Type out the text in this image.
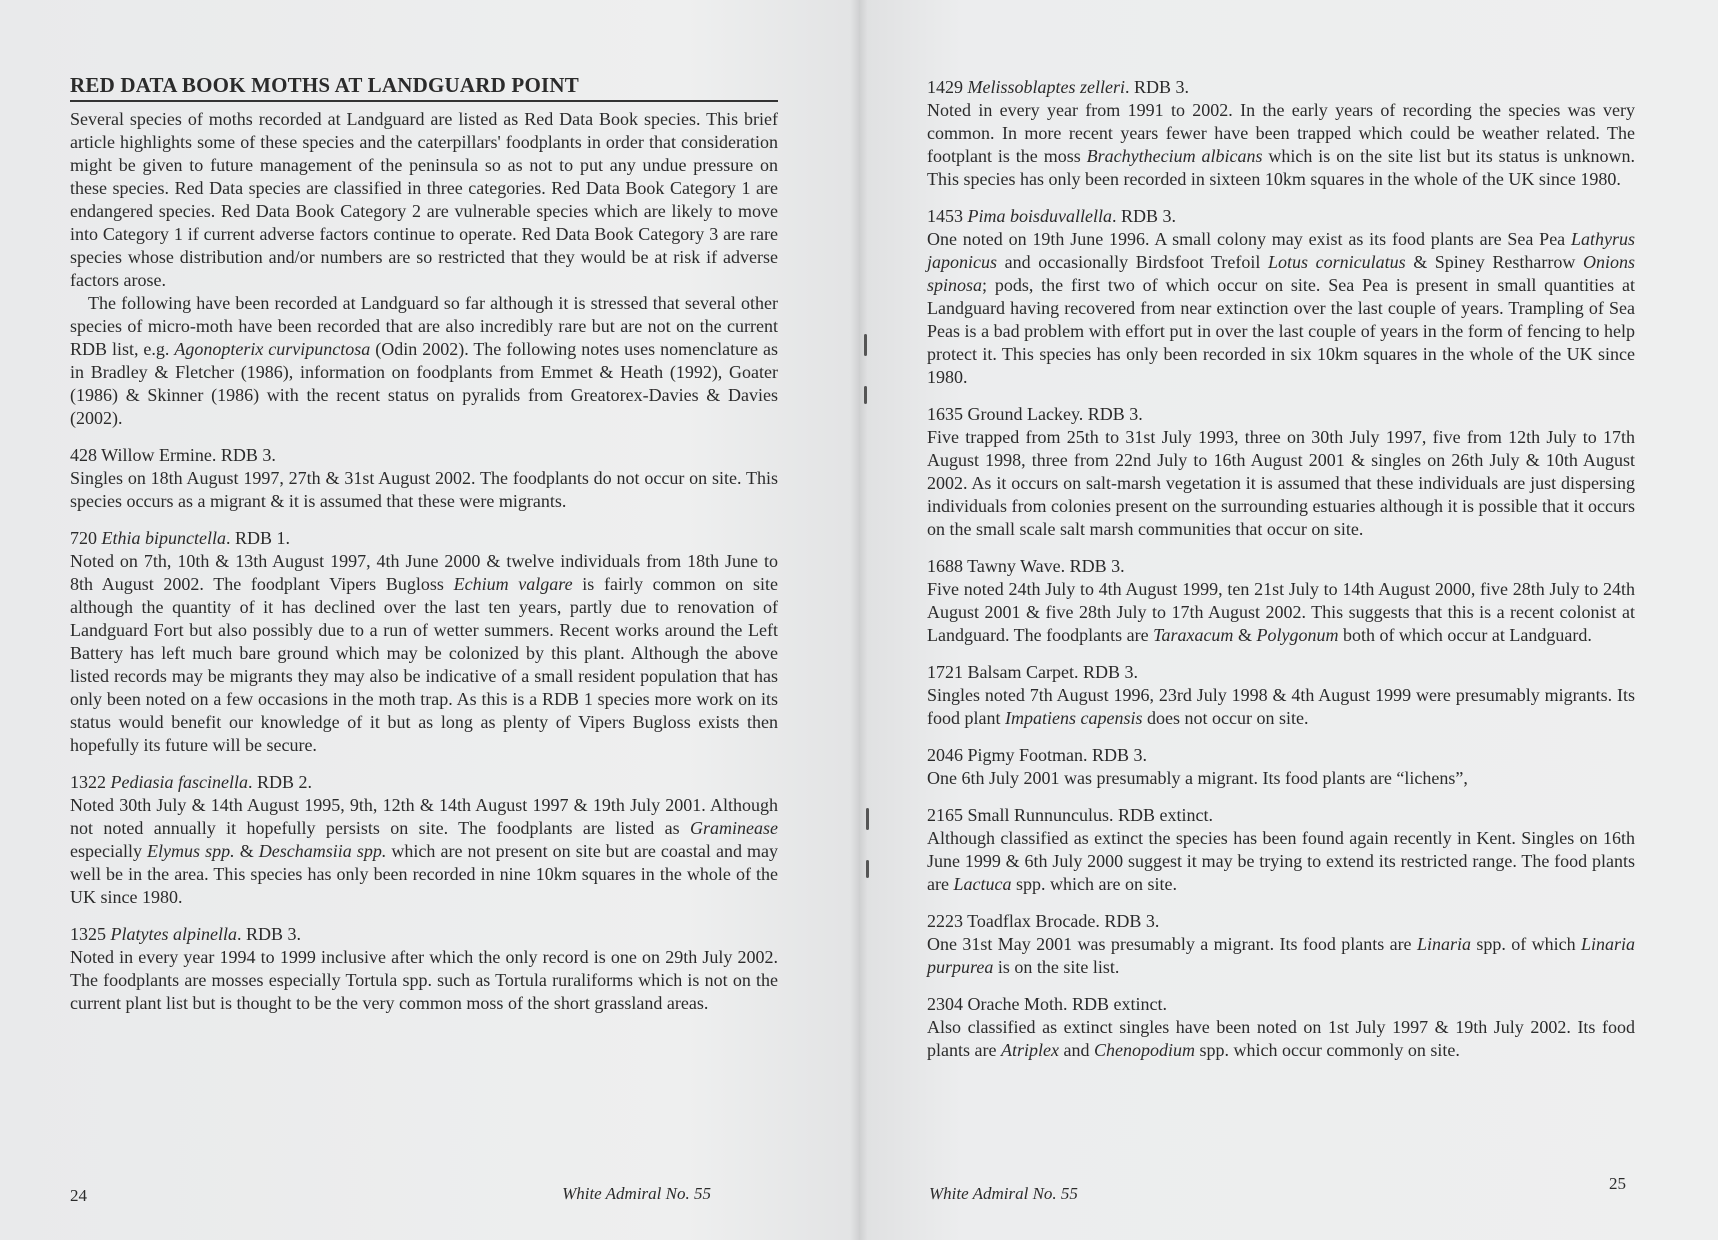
RED DATA BOOK MOTHS AT LANDGUARD POINT

Several species of moths recorded at Landguard are listed as Red Data Book species. This brief article highlights some of these species and the caterpillars' foodplants in order that consideration might be given to future management of the peninsula so as not to put any undue pressure on these species. Red Data species are classified in three categories. Red Data Book Category 1 are endangered species. Red Data Book Category 2 are vulnerable species which are likely to move into Category 1 if current adverse factors continue to operate. Red Data Book Category 3 are rare species whose distribution and/or numbers are so restricted that they would be at risk if adverse factors arose.

The following have been recorded at Landguard so far although it is stressed that several other species of micro-moth have been recorded that are also incredibly rare but are not on the current RDB list, e.g. Agonopterix curvipunctosa (Odin 2002). The following notes uses nomenclature as in Bradley & Fletcher (1986), information on foodplants from Emmet & Heath (1992), Goater (1986) & Skinner (1986) with the recent status on pyralids from Greatorex-Davies & Davies (2002).

428 Willow Ermine. RDB 3.

Singles on 18th August 1997, 27th & 31st August 2002. The foodplants do not occur on site. This species occurs as a migrant & it is assumed that these were migrants.

720 Ethia bipunctella. RDB 1.

Noted on 7th, 10th & 13th August 1997, 4th June 2000 & twelve individuals from 18th June to 8th August 2002. The foodplant Vipers Bugloss Echium valgare is fairly common on site although the quantity of it has declined over the last ten years, partly due to renovation of Landguard Fort but also possibly due to a run of wetter summers. Recent works around the Left Battery has left much bare ground which may be colonized by this plant. Although the above listed records may be migrants they may also be indicative of a small resident population that has only been noted on a few occasions in the moth trap. As this is a RDB 1 species more work on its status would benefit our knowledge of it but as long as plenty of Vipers Bugloss exists then hopefully its future will be secure.

1322 Pediasia fascinella. RDB 2.

Noted 30th July & 14th August 1995, 9th, 12th & 14th August 1997 & 19th July 2001. Although not noted annually it hopefully persists on site. The foodplants are listed as Graminease especially Elymus spp. & Deschamsiia spp. which are not present on site but are coastal and may well be in the area. This species has only been recorded in nine 10km squares in the whole of the UK since 1980.

1325 Platytes alpinella. RDB 3.

Noted in every year 1994 to 1999 inclusive after which the only record is one on 29th July 2002. The foodplants are mosses especially Tortula spp. such as Tortula ruraliforms which is not on the current plant list but is thought to be the very common moss of the short grassland areas.

24	White Admiral No. 55

1429 Melissoblaptes zelleri. RDB 3.

Noted in every year from 1991 to 2002. In the early years of recording the species was very common. In more recent years fewer have been trapped which could be weather related. The footplant is the moss Brachythecium albicans which is on the site list but its status is unknown. This species has only been recorded in sixteen 10km squares in the whole of the UK since 1980.

1453 Pima boisduvallella. RDB 3.

One noted on 19th June 1996. A small colony may exist as its food plants are Sea Pea Lathyrus japonicus and occasionally Birdsfoot Trefoil Lotus corniculatus & Spiney Restharrow Onions spinosa; pods, the first two of which occur on site. Sea Pea is present in small quantities at Landguard having recovered from near extinction over the last couple of years. Trampling of Sea Peas is a bad problem with effort put in over the last couple of years in the form of fencing to help protect it. This species has only been recorded in six 10km squares in the whole of the UK since 1980.

1635 Ground Lackey. RDB 3.

Five trapped from 25th to 31st July 1993, three on 30th July 1997, five from 12th July to 17th August 1998, three from 22nd July to 16th August 2001 & singles on 26th July & 10th August 2002. As it occurs on salt-marsh vegetation it is assumed that these individuals are just dispersing individuals from colonies present on the surrounding estuaries although it is possible that it occurs on the small scale salt marsh communities that occur on site.

1688 Tawny Wave. RDB 3.

Five noted 24th July to 4th August 1999, ten 21st July to 14th August 2000, five 28th July to 24th August 2001 & five 28th July to 17th August 2002. This suggests that this is a recent colonist at Landguard. The foodplants are Taraxacum & Polygonum both of which occur at Landguard.

1721 Balsam Carpet. RDB 3.

Singles noted 7th August 1996, 23rd July 1998 & 4th August 1999 were presumably migrants. Its food plant Impatiens capensis does not occur on site.

2046 Pigmy Footman. RDB 3.

One 6th July 2001 was presumably a migrant. Its food plants are “lichens”,

2165 Small Runnunculus. RDB extinct.

Although classified as extinct the species has been found again recently in Kent. Singles on 16th June 1999 & 6th July 2000 suggest it may be trying to extend its restricted range. The food plants are Lactuca spp. which are on site.

2223 Toadflax Brocade. RDB 3.

One 31st May 2001 was presumably a migrant. Its food plants are Linaria spp. of which Linaria purpurea is on the site list.

2304 Orache Moth. RDB extinct.

Also classified as extinct singles have been noted on 1st July 1997 & 19th July 2002. Its food plants are Atriplex and Chenopodium spp. which occur commonly on site.

White Admiral No. 55
25
